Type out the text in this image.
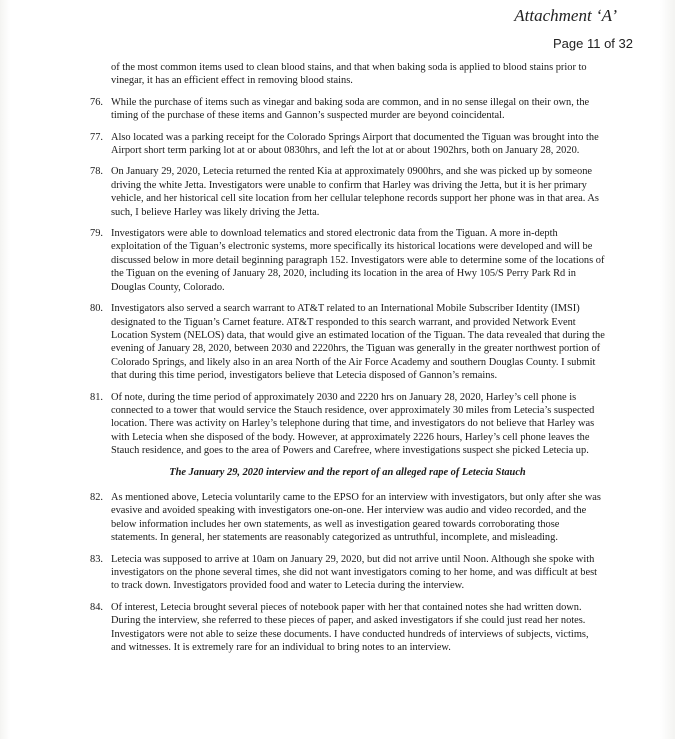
Attachment ‘A’
Page 11 of 32

of the most common items used to clean blood stains, and that when baking soda is applied to blood stains prior to vinegar, it has an efficient effect in removing blood stains.

76. While the purchase of items such as vinegar and baking soda are common, and in no sense illegal on their own, the timing of the purchase of these items and Gannon’s suspected murder are beyond coincidental.
77. Also located was a parking receipt for the Colorado Springs Airport that documented the Tiguan was brought into the Airport short term parking lot at or about 0830hrs, and left the lot at or about 1902hrs, both on January 28, 2020.
78. On January 29, 2020, Letecia returned the rented Kia at approximately 0900hrs, and she was picked up by someone driving the white Jetta. Investigators were unable to confirm that Harley was driving the Jetta, but it is her primary vehicle, and her historical cell site location from her cellular telephone records support her phone was in that area. As such, I believe Harley was likely driving the Jetta.
79. Investigators were able to download telematics and stored electronic data from the Tiguan. A more in-depth exploitation of the Tiguan’s electronic systems, more specifically its historical locations were developed and will be discussed below in more detail beginning paragraph 152. Investigators were able to determine some of the locations of the Tiguan on the evening of January 28, 2020, including its location in the area of Hwy 105/S Perry Park Rd in Douglas County, Colorado.
80. Investigators also served a search warrant to AT&T related to an International Mobile Subscriber Identity (IMSI) designated to the Tiguan’s Carnet feature. AT&T responded to this search warrant, and provided Network Event Location System (NELOS) data, that would give an estimated location of the Tiguan. The data revealed that during the evening of January 28, 2020, between 2030 and 2220hrs, the Tiguan was generally in the greater northwest portion of Colorado Springs, and likely also in an area North of the Air Force Academy and southern Douglas County. I submit that during this time period, investigators believe that Letecia disposed of Gannon’s remains.
81. Of note, during the time period of approximately 2030 and 2220 hrs on January 28, 2020, Harley’s cell phone is connected to a tower that would service the Stauch residence, over approximately 30 miles from Letecia’s suspected location. There was activity on Harley’s telephone during that time, and investigators do not believe that Harley was with Letecia when she disposed of the body. However, at approximately 2226 hours, Harley’s cell phone leaves the Stauch residence, and goes to the area of Powers and Carefree, where investigations suspect she picked Letecia up.
The January 29, 2020 interview and the report of an alleged rape of Letecia Stauch
82. As mentioned above, Letecia voluntarily came to the EPSO for an interview with investigators, but only after she was evasive and avoided speaking with investigators one-on-one. Her interview was audio and video recorded, and the below information includes her own statements, as well as investigation geared towards corroborating those statements. In general, her statements are reasonably categorized as untruthful, incomplete, and misleading.
83. Letecia was supposed to arrive at 10am on January 29, 2020, but did not arrive until Noon. Although she spoke with investigators on the phone several times, she did not want investigators coming to her home, and was difficult at best to track down. Investigators provided food and water to Letecia during the interview.
84. Of interest, Letecia brought several pieces of notebook paper with her that contained notes she had written down. During the interview, she referred to these pieces of paper, and asked investigators if she could just read her notes. Investigators were not able to seize these documents. I have conducted hundreds of interviews of subjects, victims, and witnesses. It is extremely rare for an individual to bring notes to an interview.
